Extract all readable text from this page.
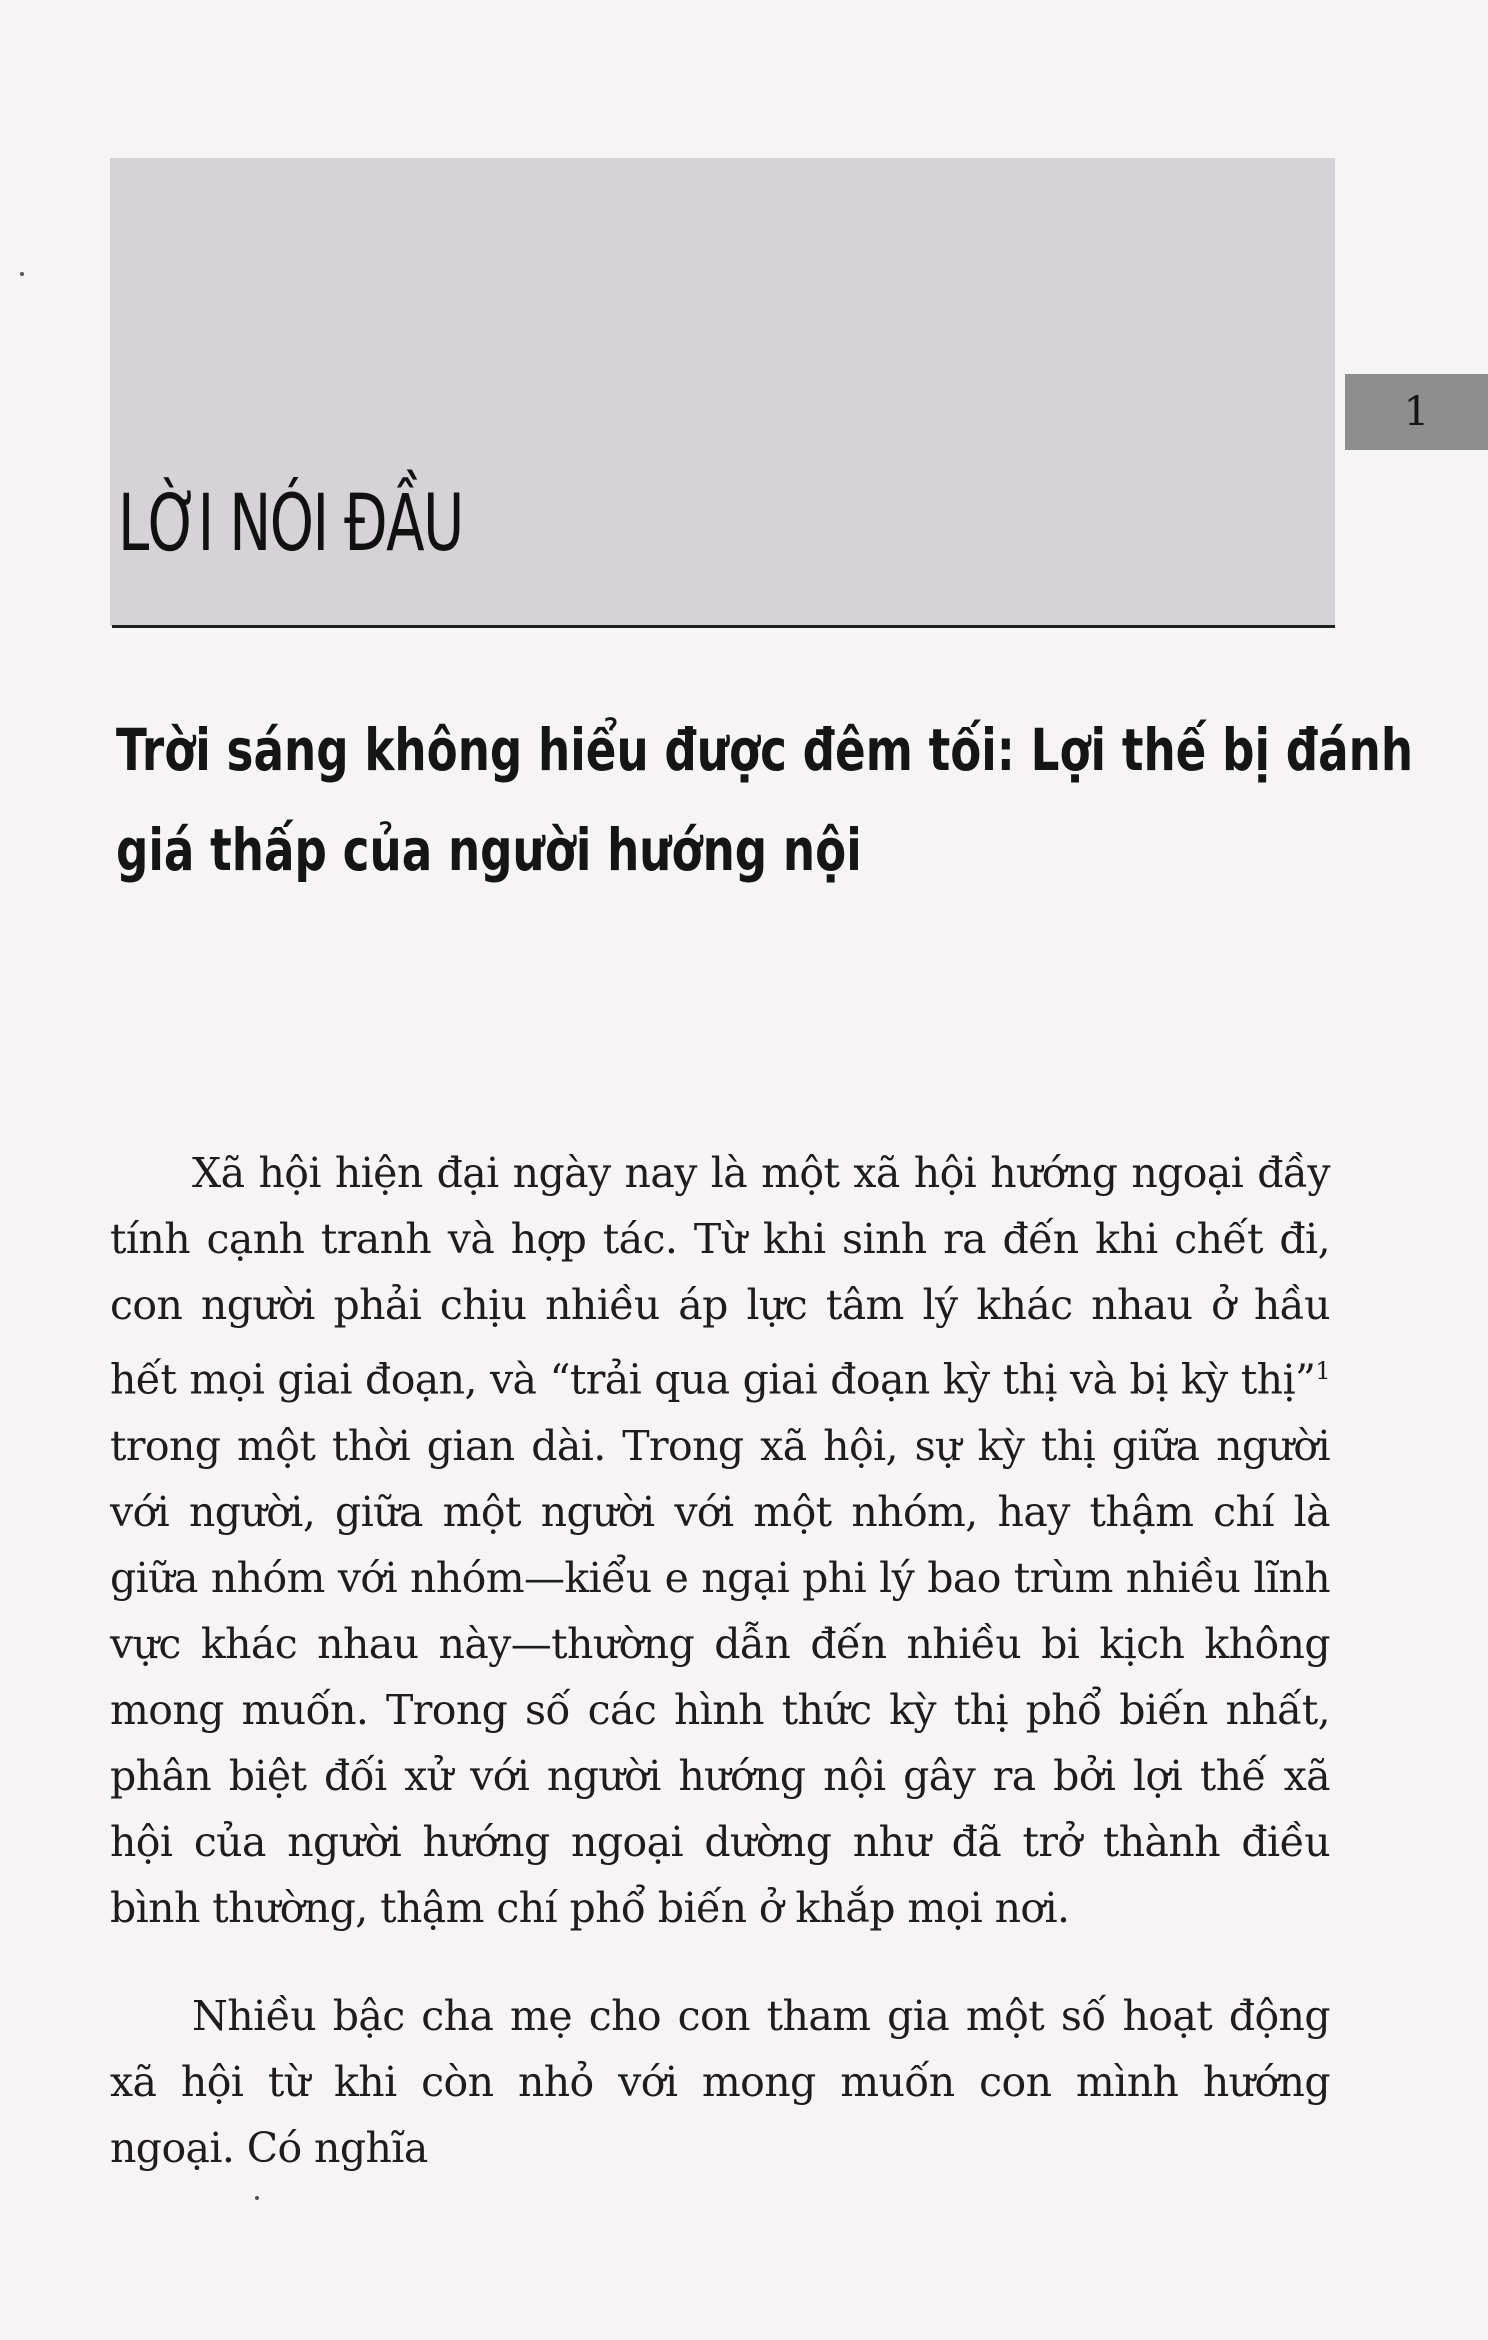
1
LỜI NÓI ĐẦU
Trời sáng không hiểu được đêm tối: Lợi thế bị đánh
giá thấp của người hướng nội

Xã hội hiện đại ngày nay là một xã hội hướng ngoại đầy tính cạnh tranh và hợp tác. Từ khi sinh ra đến khi chết đi, con người phải chịu nhiều áp lực tâm lý khác nhau ở hầu hết mọi giai đoạn, và “trải qua giai đoạn kỳ thị và bị kỳ thị”$^1$ trong một thời gian dài. Trong xã hội, sự kỳ thị giữa người với người, giữa một người với một nhóm, hay thậm chí là giữa nhóm với nhóm—kiểu e ngại phi lý bao trùm nhiều lĩnh vực khác nhau này—thường dẫn đến nhiều bi kịch không mong muốn. Trong số các hình thức kỳ thị phổ biến nhất, phân biệt đối xử với người hướng nội gây ra bởi lợi thế xã hội của người hướng ngoại dường như đã trở thành điều bình thường, thậm chí phổ biến ở khắp mọi nơi.

Nhiều bậc cha mẹ cho con tham gia một số hoạt động xã hội từ khi còn nhỏ với mong muốn con mình hướng ngoại. Có nghĩa
